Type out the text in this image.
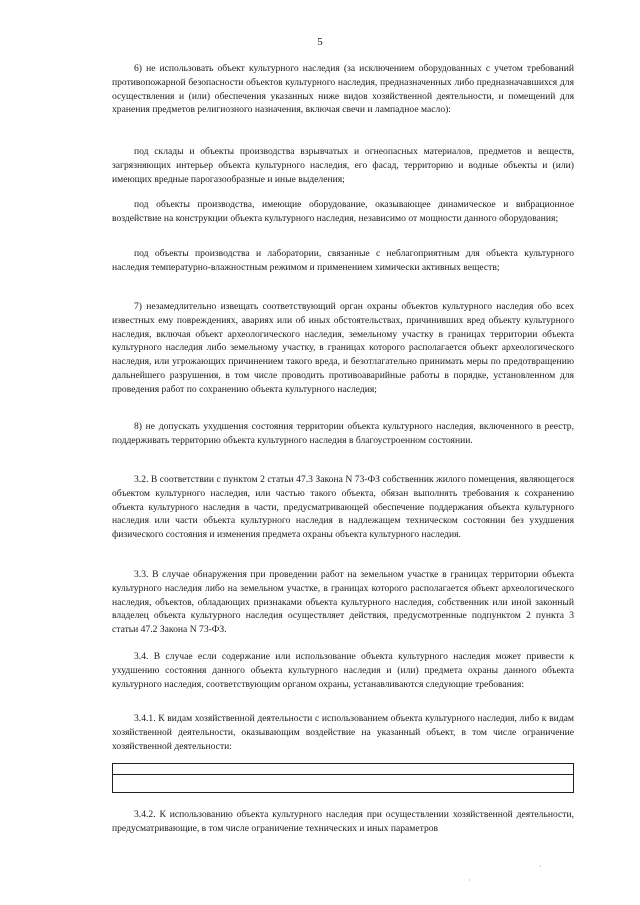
5

6) не использовать объект культурного наследия (за исключением оборудованных с учетом требований противопожарной безопасности объектов культурного наследия, предназначенных либо предназначавшихся для осуществления и (или) обеспечения указанных ниже видов хозяйственной деятельности, и помещений для хранения предметов религиозного назначения, включая свечи и лампадное масло):

под склады и объекты производства взрывчатых и огнеопасных материалов, предметов и веществ, загрязняющих интерьер объекта культурного наследия, его фасад, территорию и водные объекты и (или) имеющих вредные парогазообразные и иные выделения;

под объекты производства, имеющие оборудование, оказывающее динамическое и вибрационное воздействие на конструкции объекта культурного наследия, независимо от мощности данного оборудования;

под объекты производства и лаборатории, связанные с неблагоприятным для объекта культурного наследия температурно-влажностным режимом и применением химически активных веществ;

7) незамедлительно извещать соответствующий орган охраны объектов культурного наследия обо всех известных ему повреждениях, авариях или об иных обстоятельствах, причинивших вред объекту культурного наследия, включая объект археологического наследия, земельному участку в границах территории объекта культурного наследия либо земельному участку, в границах которого располагается объект археологического наследия, или угрожающих причинением такого вреда, и безотлагательно принимать меры по предотвращению дальнейшего разрушения, в том числе проводить противоаварийные работы в порядке, установленном для проведения работ по сохранению объекта культурного наследия;

8) не допускать ухудшения состояния территории объекта культурного наследия, включенного в реестр, поддерживать территорию объекта культурного наследия в благоустроенном состоянии.

3.2. В соответствии с пунктом 2 статьи 47.3 Закона N 73-ФЗ собственник жилого помещения, являющегося объектом культурного наследия, или частью такого объекта, обязан выполнять требования к сохранению объекта культурного наследия в части, предусматривающей обеспечение поддержания объекта культурного наследия или части объекта культурного наследия в надлежащем техническом состоянии без ухудшения физического состояния и изменения предмета охраны объекта культурного наследия.

3.3. В случае обнаружения при проведении работ на земельном участке в границах территории объекта культурного наследия либо на земельном участке, в границах которого располагается объект археологического наследия, объектов, обладающих признаками объекта культурного наследия, собственник или иной законный владелец объекта культурного наследия осуществляет действия, предусмотренные подпунктом 2 пункта 3 статьи 47.2 Закона N 73-ФЗ.

3.4. В случае если содержание или использование объекта культурного наследия может привести к ухудшению состояния данного объекта культурного наследия и (или) предмета охраны данного объекта культурного наследия, соответствующим органом охраны, устанавливаются следующие требования:

3.4.1. К видам хозяйственной деятельности с использованием объекта культурного наследия, либо к видам хозяйственной деятельности, оказывающим воздействие на указанный объект, в том числе ограничение хозяйственной деятельности:

3.4.2. К использованию объекта культурного наследия при осуществлении хозяйственной деятельности, предусматривающие, в том числе ограничение технических и иных параметров

·
·
